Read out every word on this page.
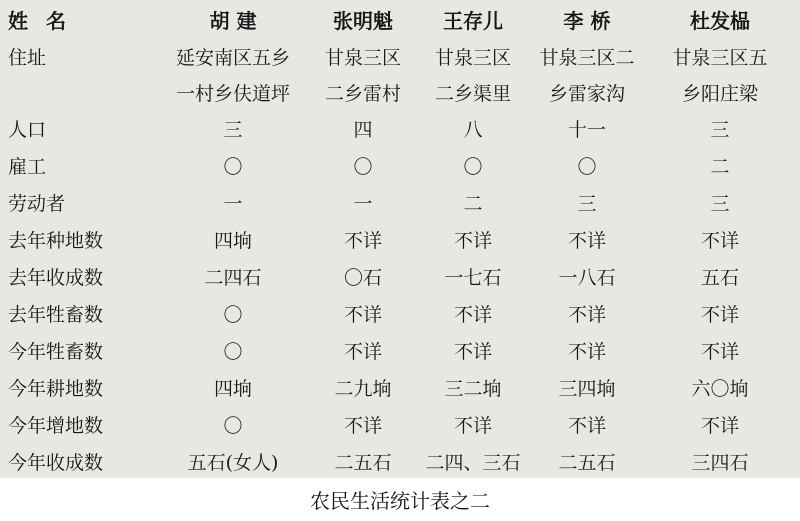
姓名	胡 建	张明魁	王存儿	李 桥	杜发榀
住址	延安南区五乡	甘泉三区	甘泉三区	甘泉三区二	甘泉三区五
	一村乡伕道坪	二乡雷村	二乡渠里	乡雷家沟	乡阳庄梁
人口	三	四	八	十一	三
雇工	〇	〇	〇	〇	二
劳动者	一	一	二	三	三
去年种地数	四垧	不详	不详	不详	不详
去年收成数	二四石	〇石	一七石	一八石	五石
去年牲畜数	〇	不详	不详	不详	不详
今年牲畜数	〇	不详	不详	不详	不详
今年耕地数	四垧	二九垧	三二垧	三四垧	六〇垧
今年增地数	〇	不详	不详	不详	不详
今年收成数	五石(女人)	二五石	二四、三石	二五石	三四石
农民生活统计表之二
